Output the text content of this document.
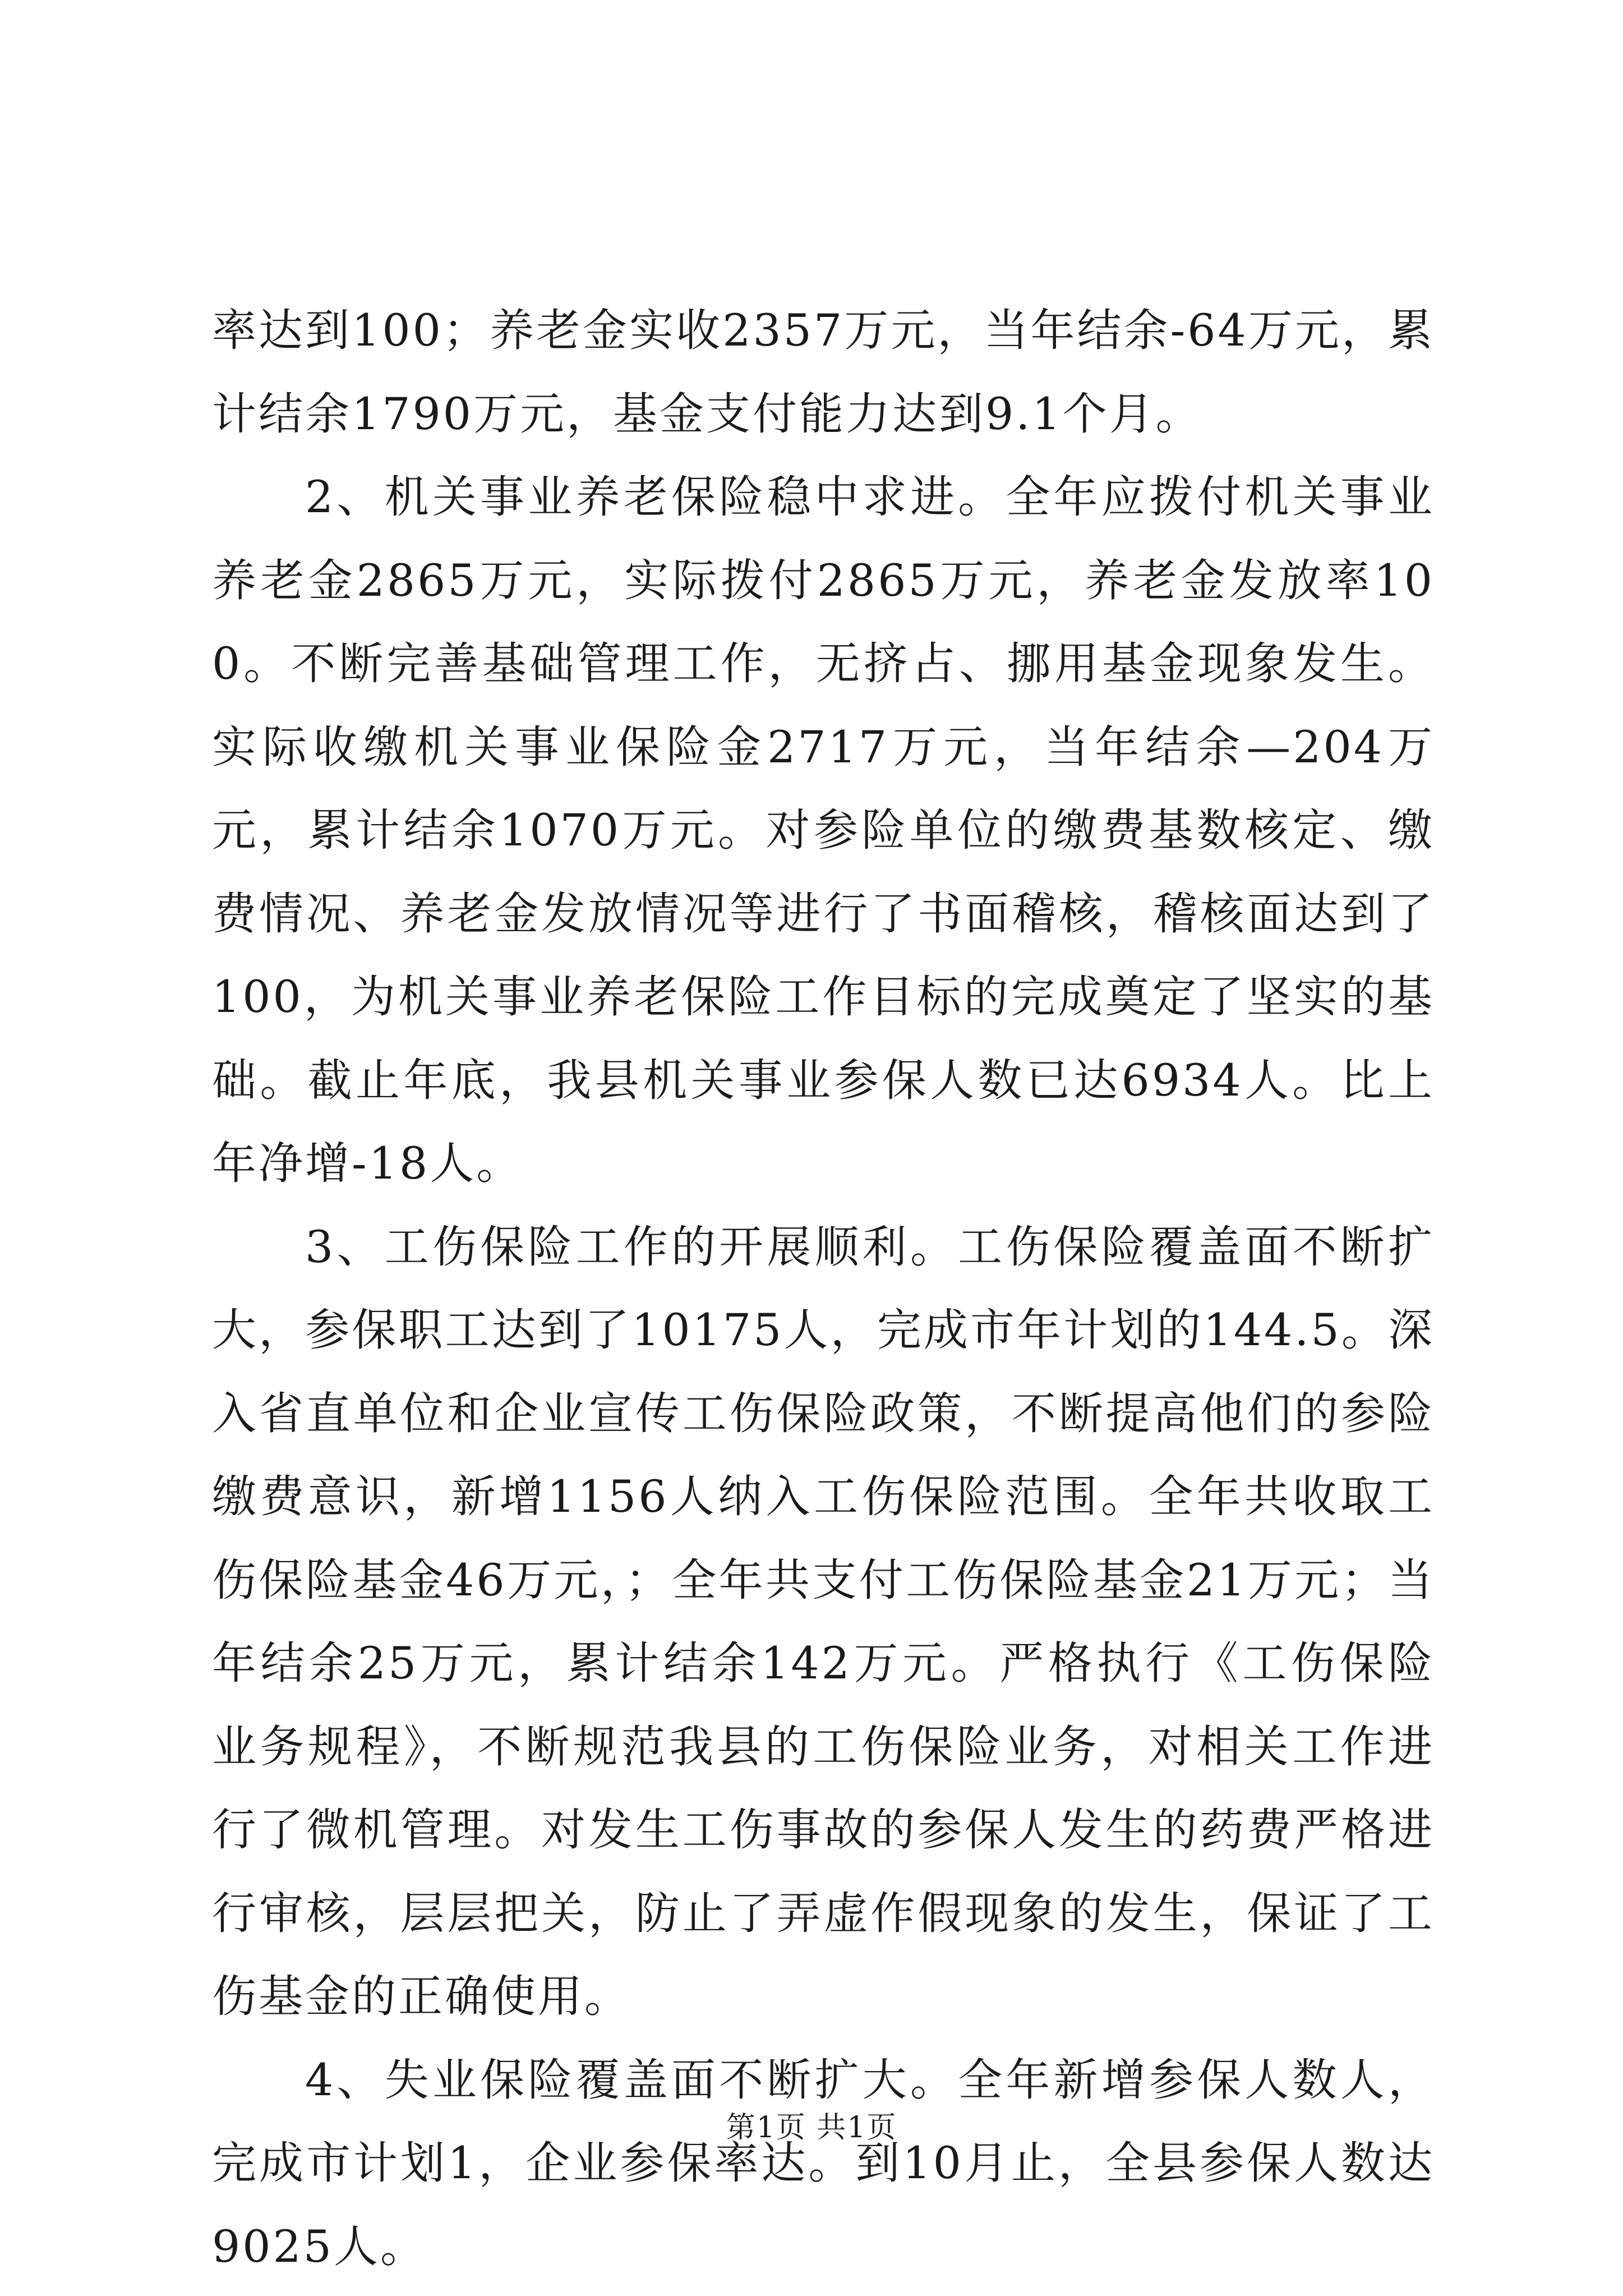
率达到100；养老金实收2357万元，当年结余-64万元，累计结余1790万元，基金支付能力达到9.1个月。

2、机关事业养老保险稳中求进。全年应拨付机关事业养老金2865万元，实际拨付2865万元，养老金发放率100。不断完善基础管理工作，无挤占、挪用基金现象发生。实际收缴机关事业保险金2717万元，当年结余—204万元，累计结余1070万元。对参险单位的缴费基数核定、缴费情况、养老金发放情况等进行了书面稽核，稽核面达到了100，为机关事业养老保险工作目标的完成奠定了坚实的基础。截止年底，我县机关事业参保人数已达6934人。比上年净增-18人。

3、工伤保险工作的开展顺利。工伤保险覆盖面不断扩大，参保职工达到了10175人，完成市年计划的144.5。深入省直单位和企业宣传工伤保险政策，不断提高他们的参险缴费意识，新增1156人纳入工伤保险范围。全年共收取工伤保险基金46万元，；全年共支付工伤保险基金21万元；当年结余25万元，累计结余142万元。严格执行《工伤保险业务规程》，不断规范我县的工伤保险业务，对相关工作进行了微机管理。对发生工伤事故的参保人发生的药费严格进行审核，层层把关，防止了弄虚作假现象的发生，保证了工伤基金的正确使用。

4、失业保险覆盖面不断扩大。全年新增参保人数人，完成市计划1，企业参保率达。到10月止，全县参保人数达9025人。

第1页 共1页
